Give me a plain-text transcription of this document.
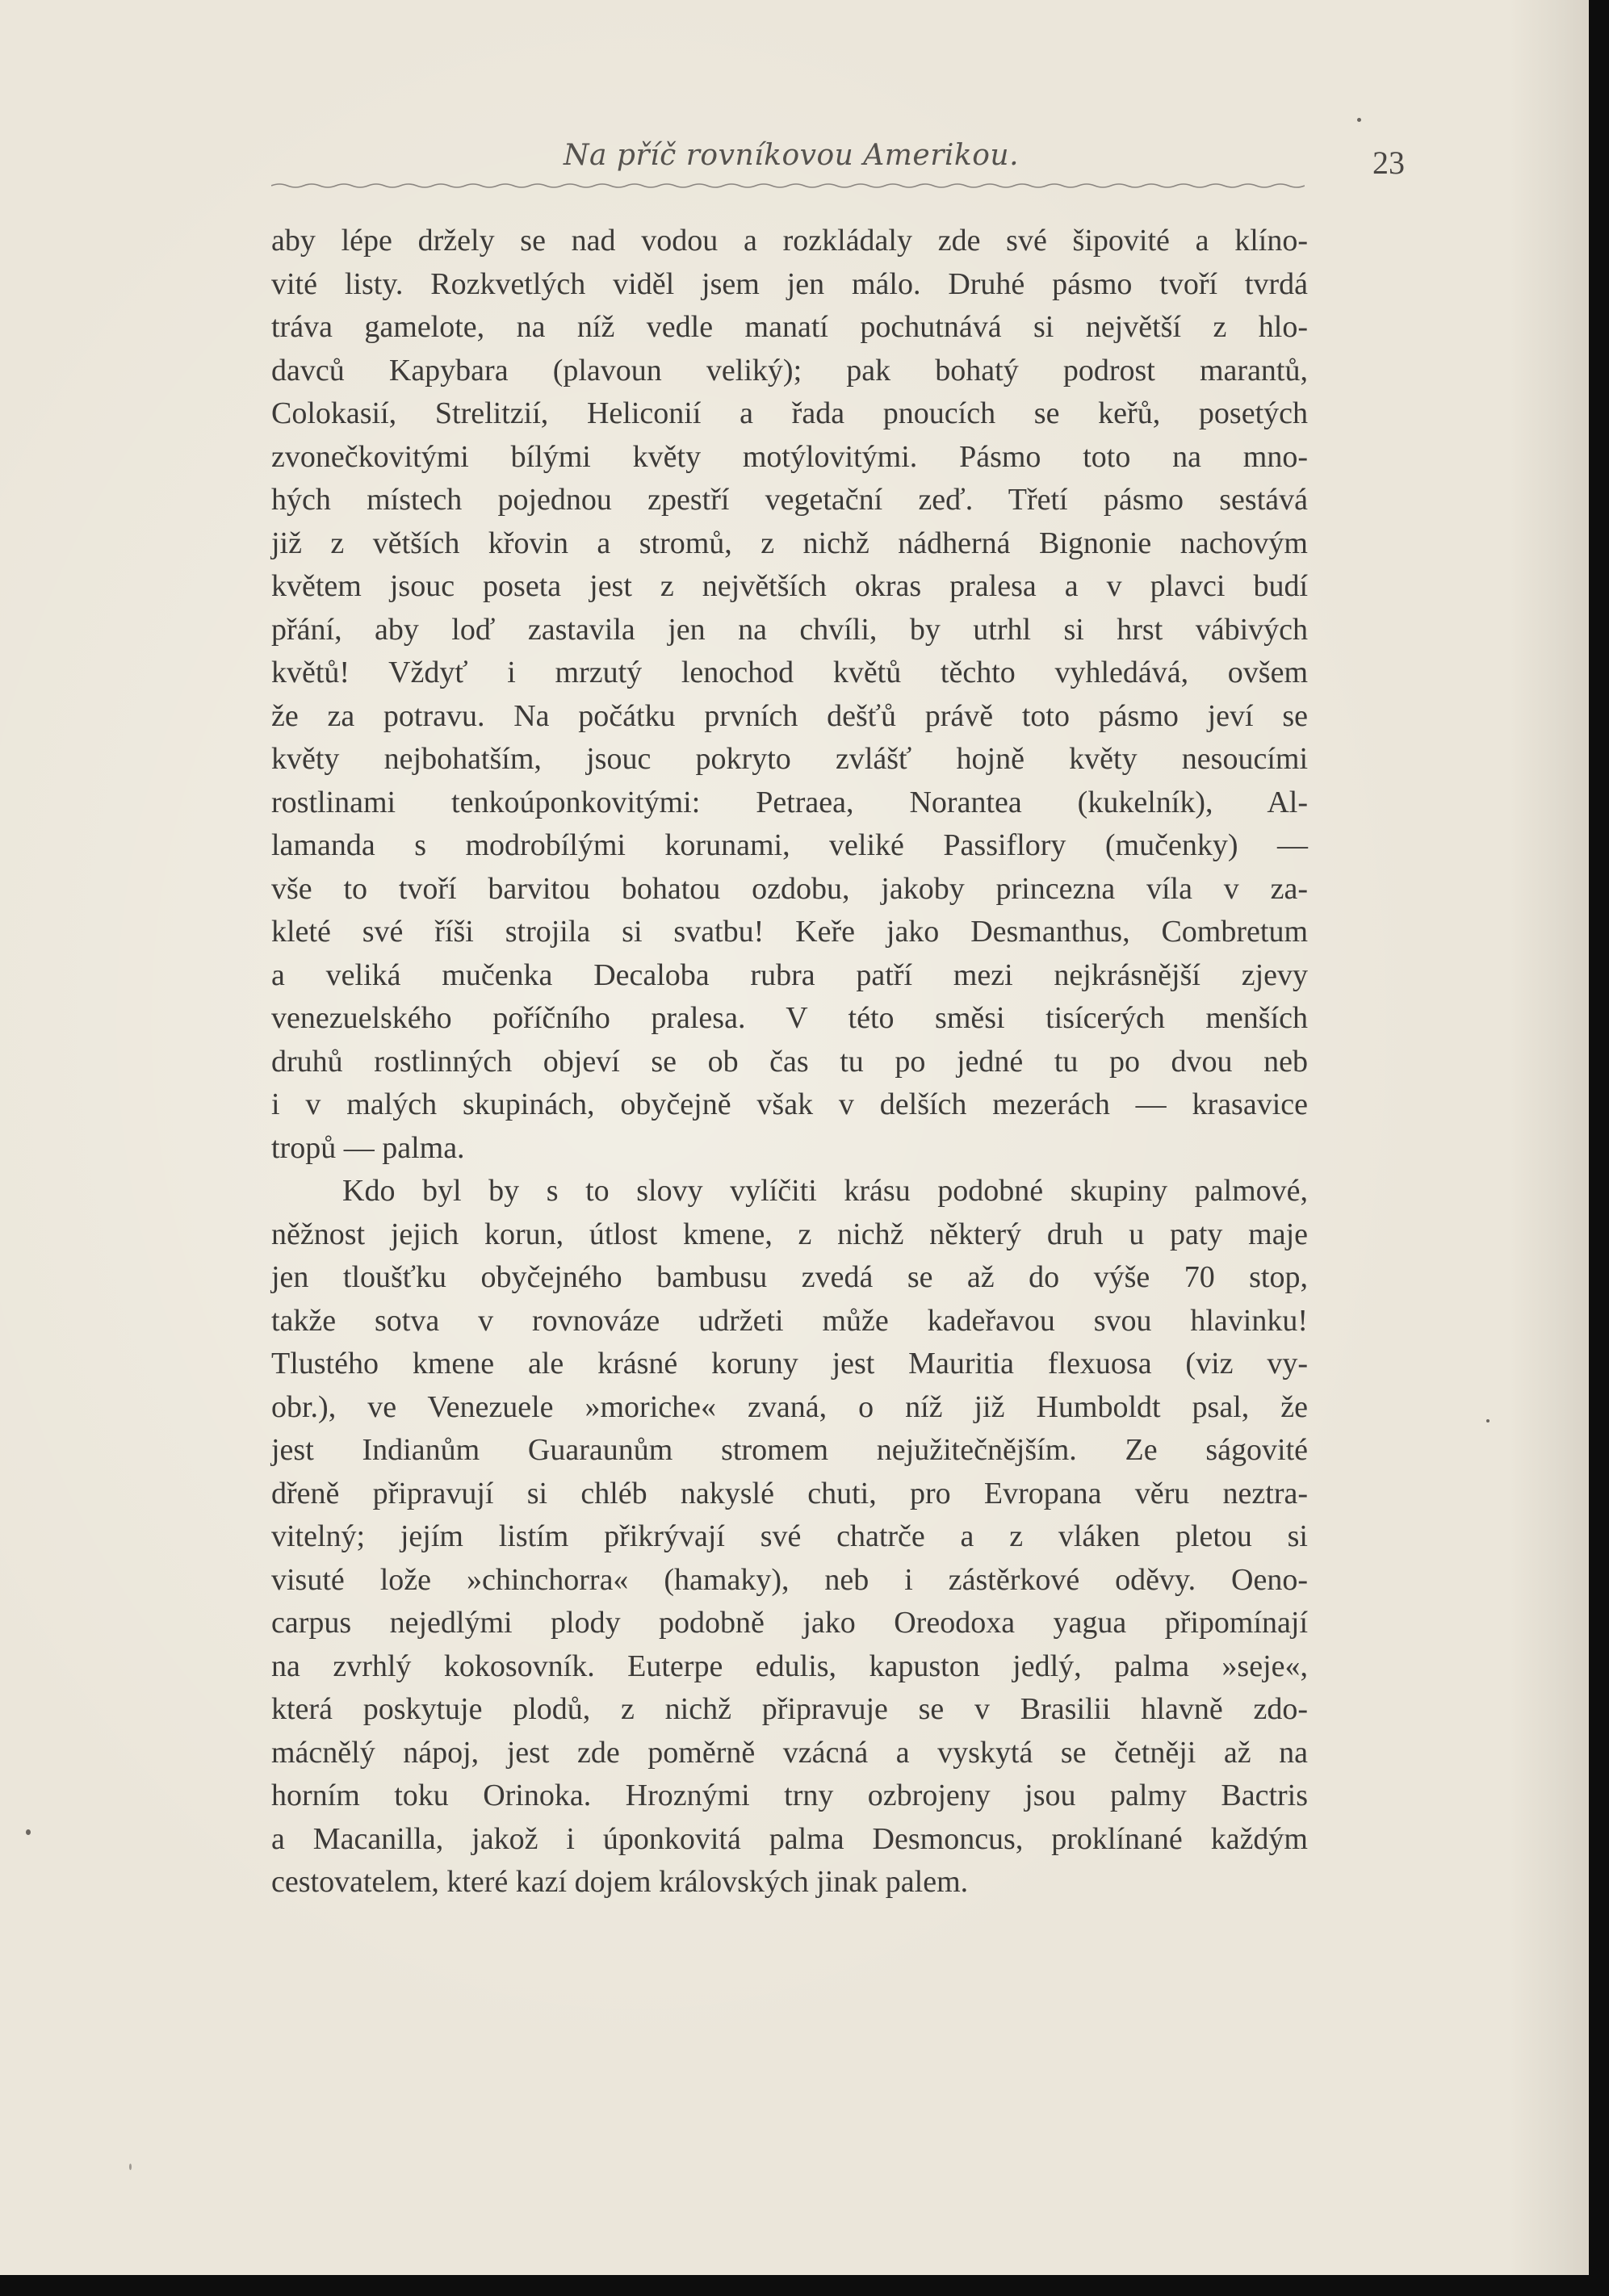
Na příč rovníkovou Amerikou.	23
aby lépe držely se nad vodou a rozkládaly zde své šipovité a klíno-
vité listy. Rozkvetlých viděl jsem jen málo. Druhé pásmo tvoří tvrdá
tráva gamelote, na níž vedle manatí pochutnává si největší z hlo-
davců Kapybara (plavoun veliký); pak bohatý podrost marantů,
Colokasií, Strelitzií, Heliconií a řada pnoucích se keřů, posetých
zvonečkovitými bílými květy motýlovitými. Pásmo toto na mno-
hých místech pojednou zpestří vegetační zeď. Třetí pásmo sestává
již z větších křovin a stromů, z nichž nádherná Bignonie nachovým
květem jsouc poseta jest z největších okras pralesa a v plavci budí
přání, aby loď zastavila jen na chvíli, by utrhl si hrst vábivých
květů! Vždyť i mrzutý lenochod květů těchto vyhledává, ovšem
že za potravu. Na počátku prvních dešťů právě toto pásmo jeví se
květy nejbohatším, jsouc pokryto zvlášť hojně květy nesoucími
rostlinami tenkoúponkovitými: Petraea, Norantea (kukelník), Al-
lamanda s modrobílými korunami, veliké Passiflory (mučenky) —
vše to tvoří barvitou bohatou ozdobu, jakoby princezna víla v za-
kleté své říši strojila si svatbu! Keře jako Desmanthus, Combretum
a veliká mučenka Decaloba rubra patří mezi nejkrásnější zjevy
venezuelského poříčního pralesa. V této směsi tisícerých menších
druhů rostlinných objeví se ob čas tu po jedné tu po dvou neb
i v malých skupinách, obyčejně však v delších mezerách — krasavice
tropů — palma.
Kdo byl by s to slovy vylíčiti krásu podobné skupiny palmové,
něžnost jejich korun, útlost kmene, z nichž některý druh u paty maje
jen tloušťku obyčejného bambusu zvedá se až do výše 70 stop,
takže sotva v rovnováze udržeti může kadeřavou svou hlavinku!
Tlustého kmene ale krásné koruny jest Mauritia flexuosa (viz vy-
obr.), ve Venezuele »moriche« zvaná, o níž již Humboldt psal, že
jest Indianům Guaraunům stromem nejužitečnějším. Ze ságovité
dřeně připravují si chléb nakyslé chuti, pro Evropana věru neztra-
vitelný; jejím listím přikrývají své chatrče a z vláken pletou si
visuté lože »chinchorra« (hamaky), neb i zástěrkové oděvy. Oeno-
carpus nejedlými plody podobně jako Oreodoxa yagua připomínají
na zvrhlý kokosovník. Euterpe edulis, kapuston jedlý, palma »seje«,
která poskytuje plodů, z nichž připravuje se v Brasilii hlavně zdo-
mácnělý nápoj, jest zde poměrně vzácná a vyskytá se četněji až na
horním toku Orinoka. Hroznými trny ozbrojeny jsou palmy Bactris
a Macanilla, jakož i úponkovitá palma Desmoncus, proklínané každým
cestovatelem, které kazí dojem královských jinak palem.
